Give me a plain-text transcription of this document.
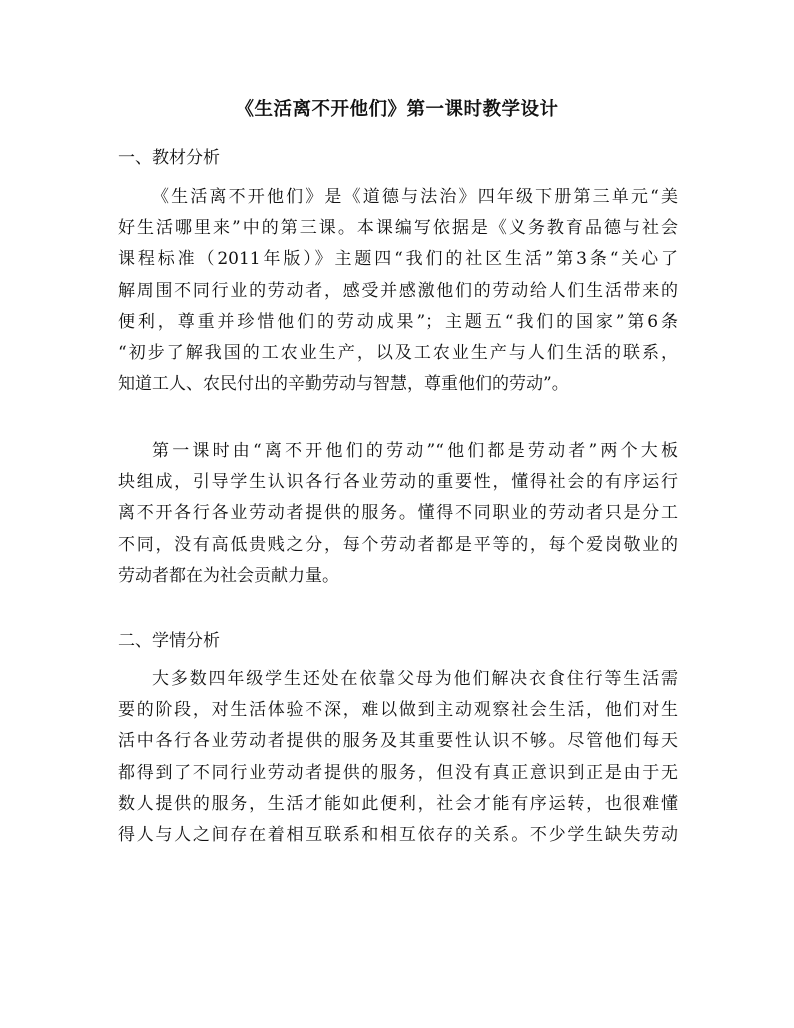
《生活离不开他们》第一课时教学设计
一、教材分析
《生活离不开他们》是《道德与法治》四年级下册第三单元“美
好生活哪里来”中的第三课。本课编写依据是《义务教育品德与社会
课程标准（2011年版）》主题四“我们的社区生活”第3条“关心了
解周围不同行业的劳动者，感受并感激他们的劳动给人们生活带来的
便利，尊重并珍惜他们的劳动成果”；主题五“我们的国家”第6条
“初步了解我国的工农业生产，以及工农业生产与人们生活的联系，
知道工人、农民付出的辛勤劳动与智慧，尊重他们的劳动”。
第一课时由“离不开他们的劳动”“他们都是劳动者”两个大板
块组成，引导学生认识各行各业劳动的重要性，懂得社会的有序运行
离不开各行各业劳动者提供的服务。懂得不同职业的劳动者只是分工
不同，没有高低贵贱之分，每个劳动者都是平等的，每个爱岗敬业的
劳动者都在为社会贡献力量。
二、学情分析
大多数四年级学生还处在依靠父母为他们解决衣食住行等生活需
要的阶段，对生活体验不深，难以做到主动观察社会生活，他们对生
活中各行各业劳动者提供的服务及其重要性认识不够。尽管他们每天
都得到了不同行业劳动者提供的服务，但没有真正意识到正是由于无
数人提供的服务，生活才能如此便利，社会才能有序运转，也很难懂
得人与人之间存在着相互联系和相互依存的关系。不少学生缺失劳动
